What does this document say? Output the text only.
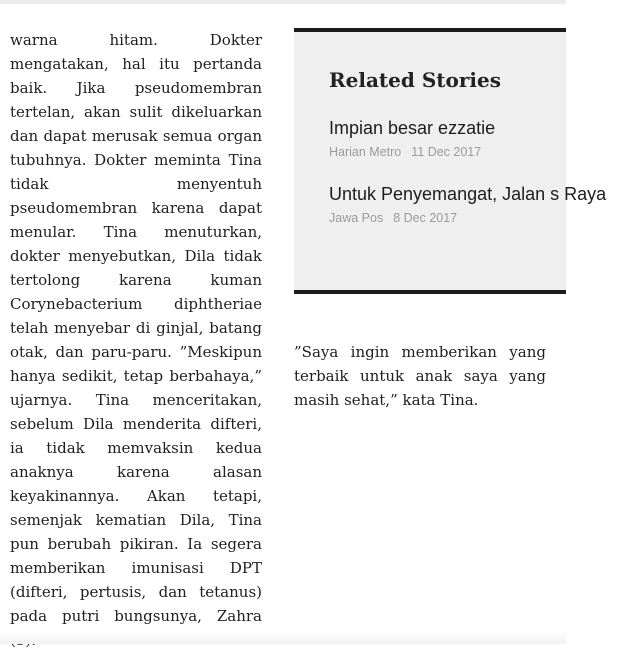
warna hitam. Dokter mengatakan, hal itu pertanda baik. Jika pseudomembran tertelan, akan sulit dikeluarkan dan dapat merusak semua organ tubuhnya. Dokter meminta Tina tidak menyentuh pseudomembran karena dapat menular. Tina menuturkan, dokter menyebutkan, Dila tidak tertolong karena kuman Corynebacterium diphtheriae telah menyebar di ginjal, batang otak, dan paru-paru. ”Meskipun hanya sedikit, tetap berbahaya,” ujarnya. Tina menceritakan, sebelum Dila menderita difteri, ia tidak memvaksin kedua anaknya karena alasan keyakinannya. Akan tetapi, semenjak kematian Dila, Tina pun berubah pikiran. Ia segera memberikan imunisasi DPT (difteri, pertusis, dan tetanus) pada putri bungsunya, Zahra

Related Stories
Impian besar ezzatie
Harian Metro 11 Dec 2017
Untuk Penyemangat, Jalan s Raya
Jawa Pos 8 Dec 2017

”Saya ingin memberikan yang terbaik untuk anak saya yang masih sehat,” kata Tina.
